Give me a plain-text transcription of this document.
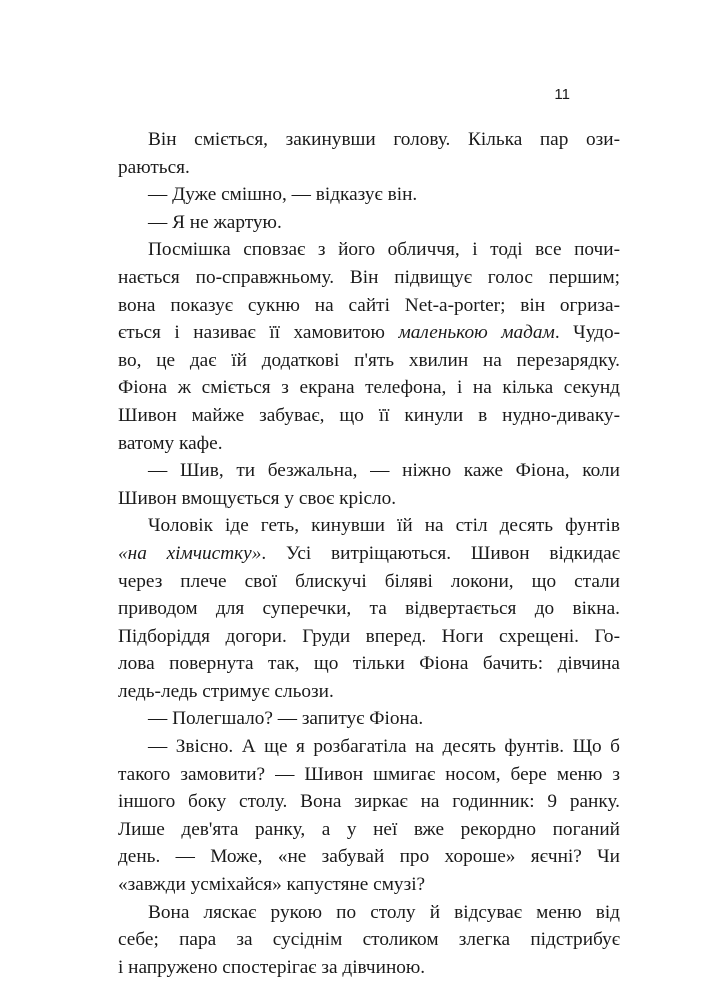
11
Він сміється, закинувши голову. Кілька пар ози-
раються.
— Дуже смішно, — відказує він.
— Я не жартую.
Посмішка сповзає з його обличчя, і тоді все почи-
нається по-справжньому. Він підвищує голос першим;
вона показує сукню на сайті Net-a-porter; він огриза-
ється і називає її хамовитою маленькою мадам. Чудо-
во, це дає їй додаткові п'ять хвилин на перезарядку.
Фіона ж сміється з екрана телефона, і на кілька секунд
Шивон майже забуває, що її кинули в нудно-дивaку-
ватому кафе.
— Шив, ти безжальна, — ніжно каже Фіона, коли
Шивон вмощується у своє крісло.
Чоловік іде геть, кинувши їй на стіл десять фунтів
«на хімчистку». Усі витріщаються. Шивон відкидає
через плече свої блискучі біляві локони, що стали
приводом для суперечки, та відвертається до вікна.
Підборіддя догори. Груди вперед. Ноги схрещені. Го-
лова повернута так, що тільки Фіона бачить: дівчина
ледь-ледь стримує сльози.
— Полегшало? — запитує Фіона.
— Звісно. А ще я розбагатіла на десять фунтів. Що б
такого замовити? — Шивон шмигає носом, бере меню з
іншого боку столу. Вона зиркає на годинник: 9 ранку.
Лише дев'ята ранку, а у неї вже рекордно поганий
день. — Може, «не забувай про хороше» яєчні? Чи
«завжди усміхайся» капустяне смузі?
Вона ляскає рукою по столу й відсуває меню від
себе; пара за сусіднім столиком злегка підстрибує
і напружено спостерігає за дівчиною.
